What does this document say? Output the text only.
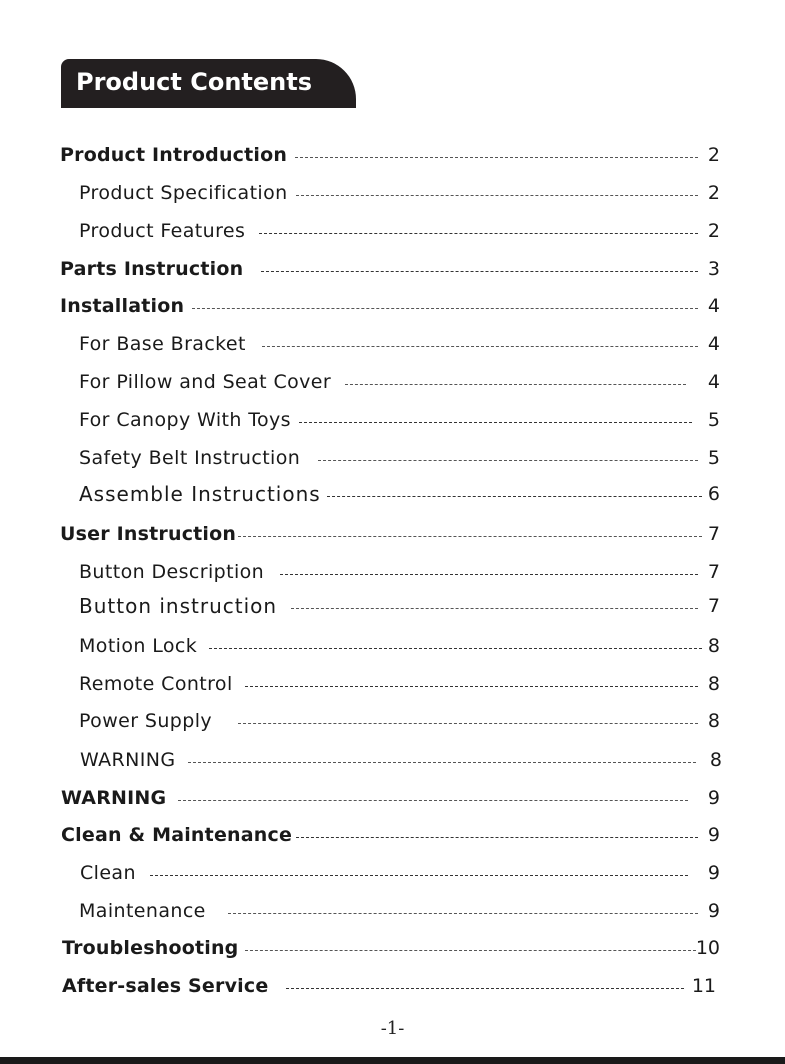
Product Contents
Product Introduction	2
Product Specification	2
Product Features	2
Parts Instruction	3
Installation	4
For Base Bracket	4
For Pillow and Seat Cover	4
For Canopy With Toys	5
Safety Belt Instruction	5
Assemble Instructions	6
User Instruction	7
Button Description	7
Button instruction	7
Motion Lock	8
Remote Control	8
Power Supply	8
WARNING	8
WARNING	9
Clean & Maintenance	9
Clean	9
Maintenance	9
Troubleshooting	10
After-sales Service	11
-1-
